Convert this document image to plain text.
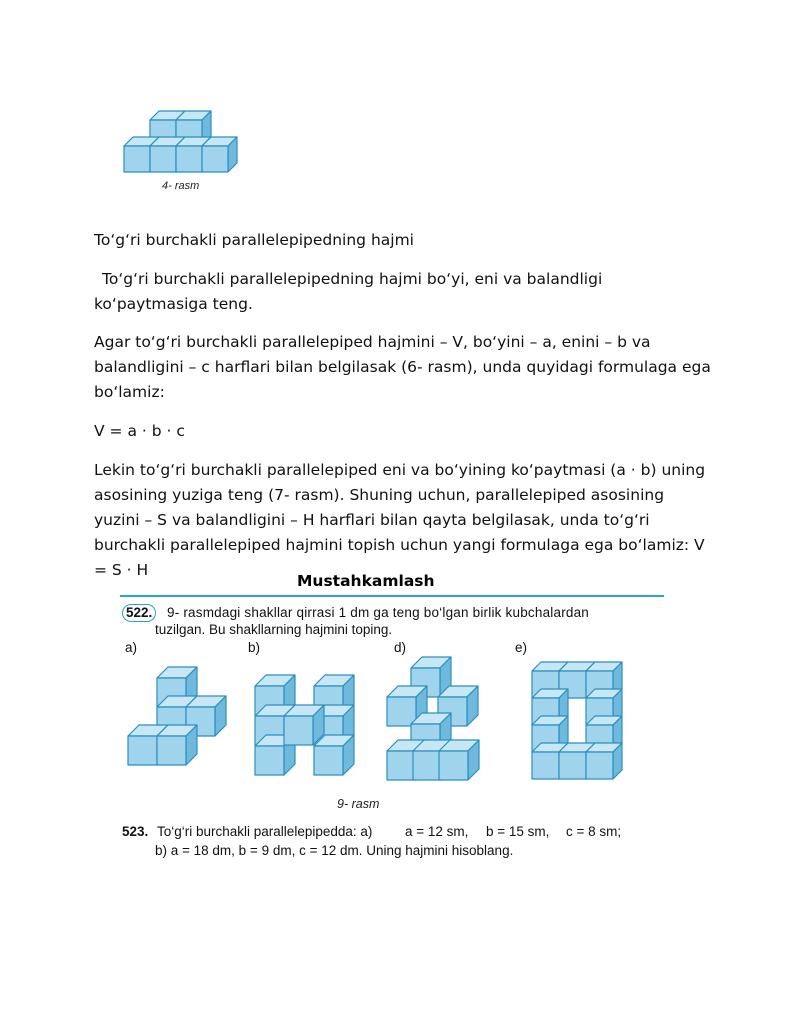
4- rasm
To‘g‘ri burchakli parallelepipedning hajmi
To‘g‘ri burchakli parallelepipedning hajmi bo‘yi, eni va balandligi ko‘paytmasiga teng.
Agar to‘g‘ri burchakli parallelepiped hajmini – V, bo‘yini – a, enini – b va balandligini – c harflari bilan belgilasak (6- rasm), unda quyidagi formulaga ega bo‘lamiz:
V = a · b · c
Lekin to‘g‘ri burchakli parallelepiped eni va bo‘yining ko‘paytmasi (a · b) uning asosining yuziga teng (7- rasm). Shuning uchun, parallelepiped asosining yuzini – S va balandligini – H harflari bilan qayta belgilasak, unda to‘g‘ri burchakli parallelepiped hajmini topish uchun yangi formulaga ega bo‘lamiz: V = S · H
Mustahkamlash
522. 9- rasmdagi shakllar qirrasi 1 dm ga teng bo‘lgan birlik kubchalardan
tuzilgan. Bu shakllarning hajmini toping.
a)	b)	d)	e)
9- rasm
523. To‘g‘ri burchakli parallelepipedda: a) a = 12 sm, b = 15 sm, c = 8 sm;
b) a = 18 dm, b = 9 dm, c = 12 dm. Uning hajmini hisoblang.
